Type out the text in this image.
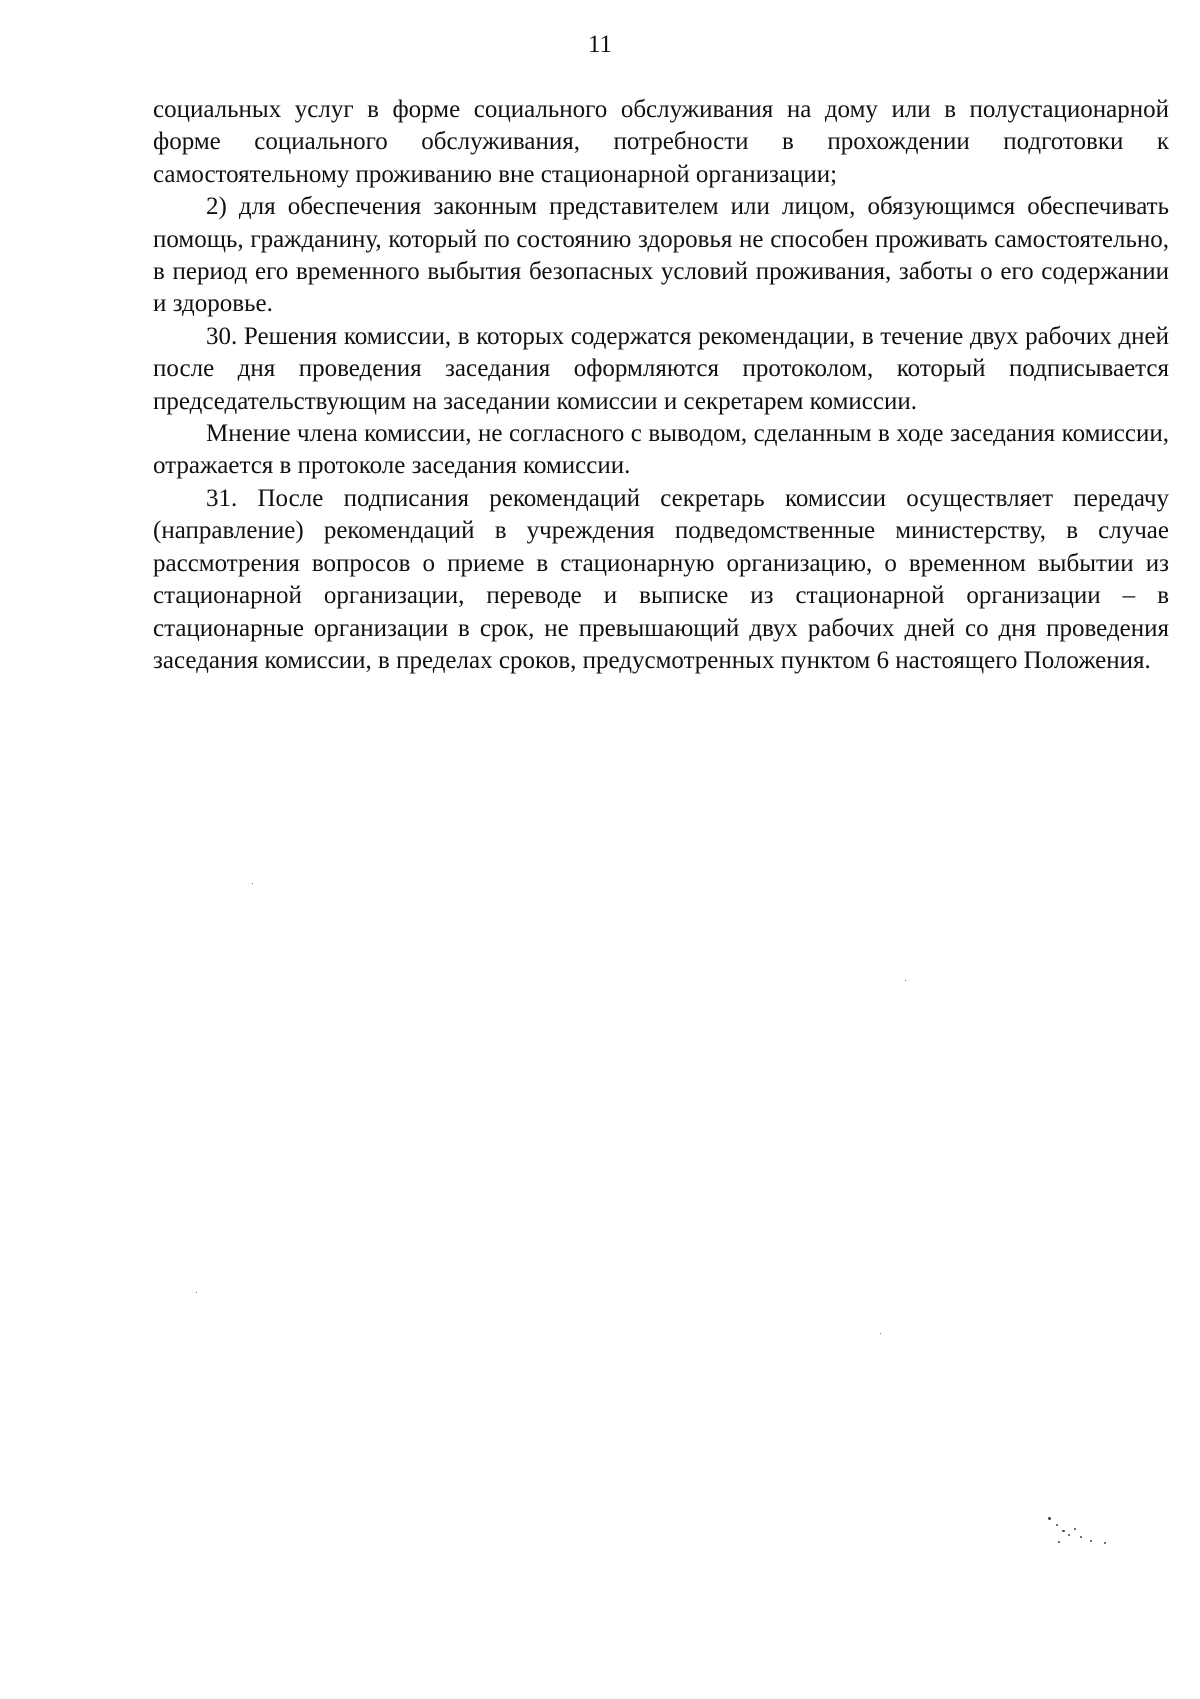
11

социальных услуг в форме социального обслуживания на дому или в полустационарной форме социального обслуживания, потребности в прохождении подготовки к самостоятельному проживанию вне стационарной организации;

2) для обеспечения законным представителем или лицом, обязующимся обеспечивать помощь, гражданину, который по состоянию здоровья не способен проживать самостоятельно, в период его временного выбытия безопасных условий проживания, заботы о его содержании и здоровье.

30. Решения комиссии, в которых содержатся рекомендации, в течение двух рабочих дней после дня проведения заседания оформляются протоколом, который подписывается председательствующим на заседании комиссии и секретарем комиссии.

Мнение члена комиссии, не согласного с выводом, сделанным в ходе заседания комиссии, отражается в протоколе заседания комиссии.

31. После подписания рекомендаций секретарь комиссии осуществляет передачу (направление) рекомендаций в учреждения подведомственные министерству, в случае рассмотрения вопросов о приеме в стационарную организацию, о временном выбытии из стационарной организации, переводе и выписке из стационарной организации – в стационарные организации в срок, не превышающий двух рабочих дней со дня проведения заседания комиссии, в пределах сроков, предусмотренных пунктом 6 настоящего Положения.
